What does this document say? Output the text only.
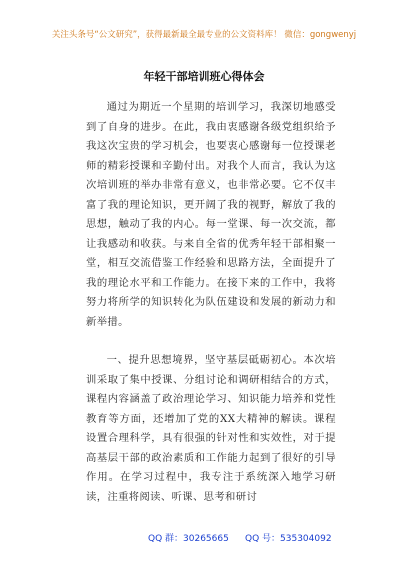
关注头条号“公文研究”，获得最新最全最专业的公文资料库！ 微信：gongwenyj
年轻干部培训班心得体会

通过为期近一个星期的培训学习，我深切地感受到了自身的进步。在此，我由衷感谢各级党组织给予我这次宝贵的学习机会，也要衷心感谢每一位授课老师的精彩授课和辛勤付出。对我个人而言，我认为这次培训班的举办非常有意义，也非常必要。它不仅丰富了我的理论知识，更开阔了我的视野，解放了我的思想，触动了我的内心。每一堂课、每一次交流，都让我感动和收获。与来自全省的优秀年轻干部相聚一堂，相互交流借鉴工作经验和思路方法，全面提升了我的理论水平和工作能力。在接下来的工作中，我将努力将所学的知识转化为队伍建设和发展的新动力和新举措。

一、提升思想境界，坚守基层砥砺初心。本次培训采取了集中授课、分组讨论和调研相结合的方式，课程内容涵盖了政治理论学习、知识能力培养和党性教育等方面，还增加了党的XX大精神的解读。课程设置合理科学，具有很强的针对性和实效性，对于提高基层干部的政治素质和工作能力起到了很好的引导作用。在学习过程中，我专注于系统深入地学习研读，注重将阅读、听课、思考和研讨

QQ 群：30265665 QQ 号：535304092
